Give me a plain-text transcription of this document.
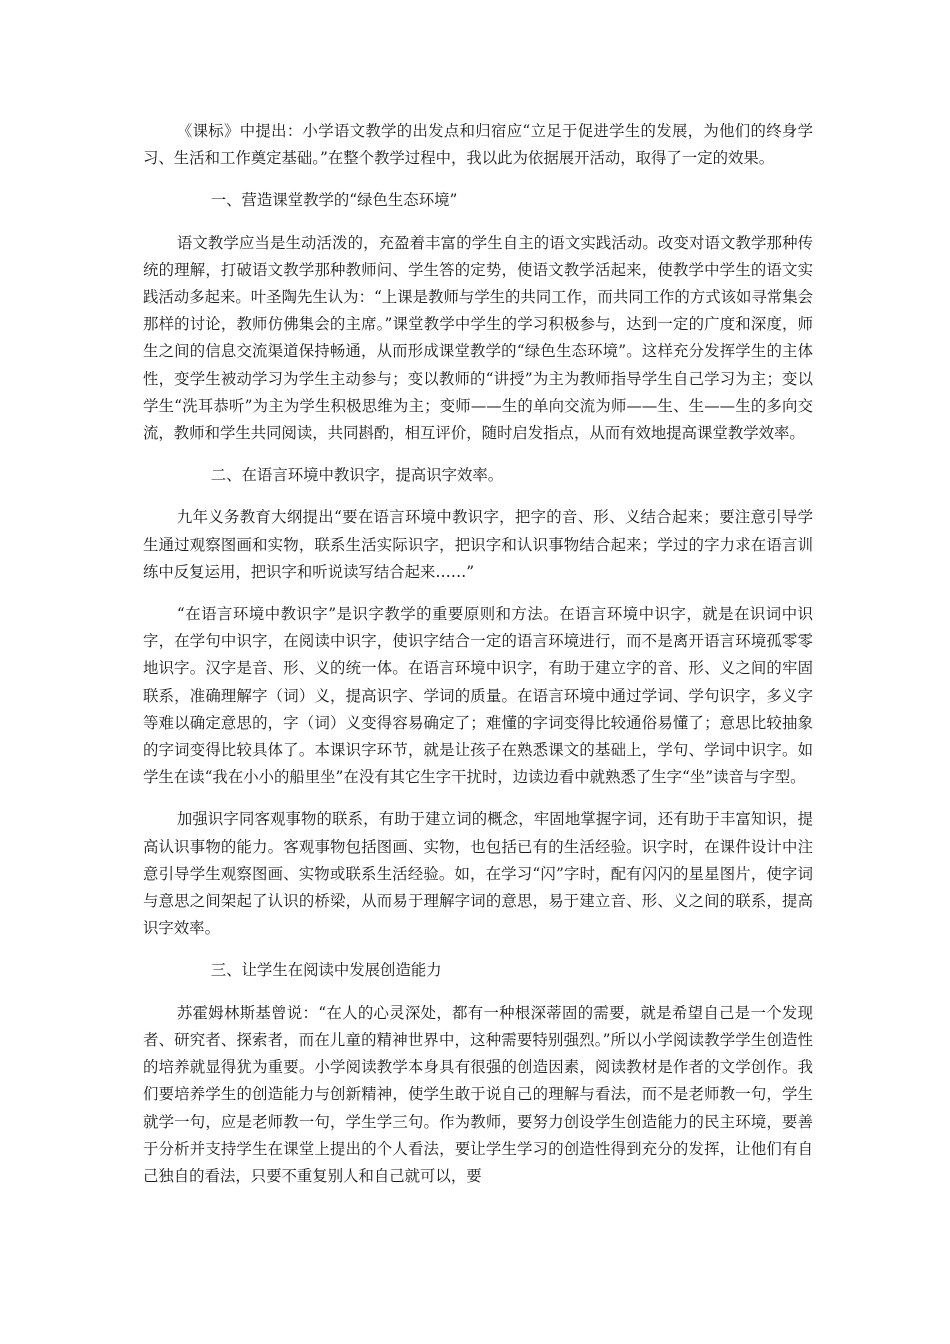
《课标》中提出：小学语文教学的出发点和归宿应“立足于促进学生的发展，为他们的终身学习、生活和工作奠定基础。”在整个教学过程中，我以此为依据展开活动，取得了一定的效果。

一、营造课堂教学的“绿色生态环境”

语文教学应当是生动活泼的，充盈着丰富的学生自主的语文实践活动。改变对语文教学那种传统的理解，打破语文教学那种教师问、学生答的定势，使语文教学活起来，使教学中学生的语文实践活动多起来。叶圣陶先生认为：“上课是教师与学生的共同工作，而共同工作的方式该如寻常集会那样的讨论，教师仿佛集会的主席。”课堂教学中学生的学习积极参与，达到一定的广度和深度，师生之间的信息交流渠道保持畅通，从而形成课堂教学的“绿色生态环境”。这样充分发挥学生的主体性，变学生被动学习为学生主动参与；变以教师的“讲授”为主为教师指导学生自己学习为主；变以学生“洗耳恭听”为主为学生积极思维为主；变师——生的单向交流为师——生、生——生的多向交流，教师和学生共同阅读，共同斟酌，相互评价，随时启发指点，从而有效地提高课堂教学效率。

二、在语言环境中教识字，提高识字效率。

九年义务教育大纲提出“要在语言环境中教识字，把字的音、形、义结合起来；要注意引导学生通过观察图画和实物，联系生活实际识字，把识字和认识事物结合起来；学过的字力求在语言训练中反复运用，把识字和听说读写结合起来……”

“在语言环境中教识字”是识字教学的重要原则和方法。在语言环境中识字，就是在识词中识字，在学句中识字，在阅读中识字，使识字结合一定的语言环境进行，而不是离开语言环境孤零零地识字。汉字是音、形、义的统一体。在语言环境中识字，有助于建立字的音、形、义之间的牢固联系，准确理解字（词）义，提高识字、学词的质量。在语言环境中通过学词、学句识字，多义字等难以确定意思的，字（词）义变得容易确定了；难懂的字词变得比较通俗易懂了；意思比较抽象的字词变得比较具体了。本课识字环节，就是让孩子在熟悉课文的基础上，学句、学词中识字。如学生在读“我在小小的船里坐”在没有其它生字干扰时，边读边看中就熟悉了生字“坐”读音与字型。

加强识字同客观事物的联系，有助于建立词的概念，牢固地掌握字词，还有助于丰富知识，提高认识事物的能力。客观事物包括图画、实物，也包括已有的生活经验。识字时，在课件设计中注意引导学生观察图画、实物或联系生活经验。如，在学习“闪”字时，配有闪闪的星星图片，使字词与意思之间架起了认识的桥梁，从而易于理解字词的意思，易于建立音、形、义之间的联系，提高识字效率。

三、让学生在阅读中发展创造能力

苏霍姆林斯基曾说：“在人的心灵深处，都有一种根深蒂固的需要，就是希望自己是一个发现者、研究者、探索者，而在儿童的精神世界中，这种需要特别强烈。”所以小学阅读教学学生创造性的培养就显得犹为重要。小学阅读教学本身具有很强的创造因素，阅读教材是作者的文学创作。我们要培养学生的创造能力与创新精神，使学生敢于说自己的理解与看法，而不是老师教一句，学生就学一句，应是老师教一句，学生学三句。作为教师，要努力创设学生创造能力的民主环境，要善于分析并支持学生在课堂上提出的个人看法，要让学生学习的创造性得到充分的发挥，让他们有自己独自的看法，只要不重复别人和自己就可以，要
